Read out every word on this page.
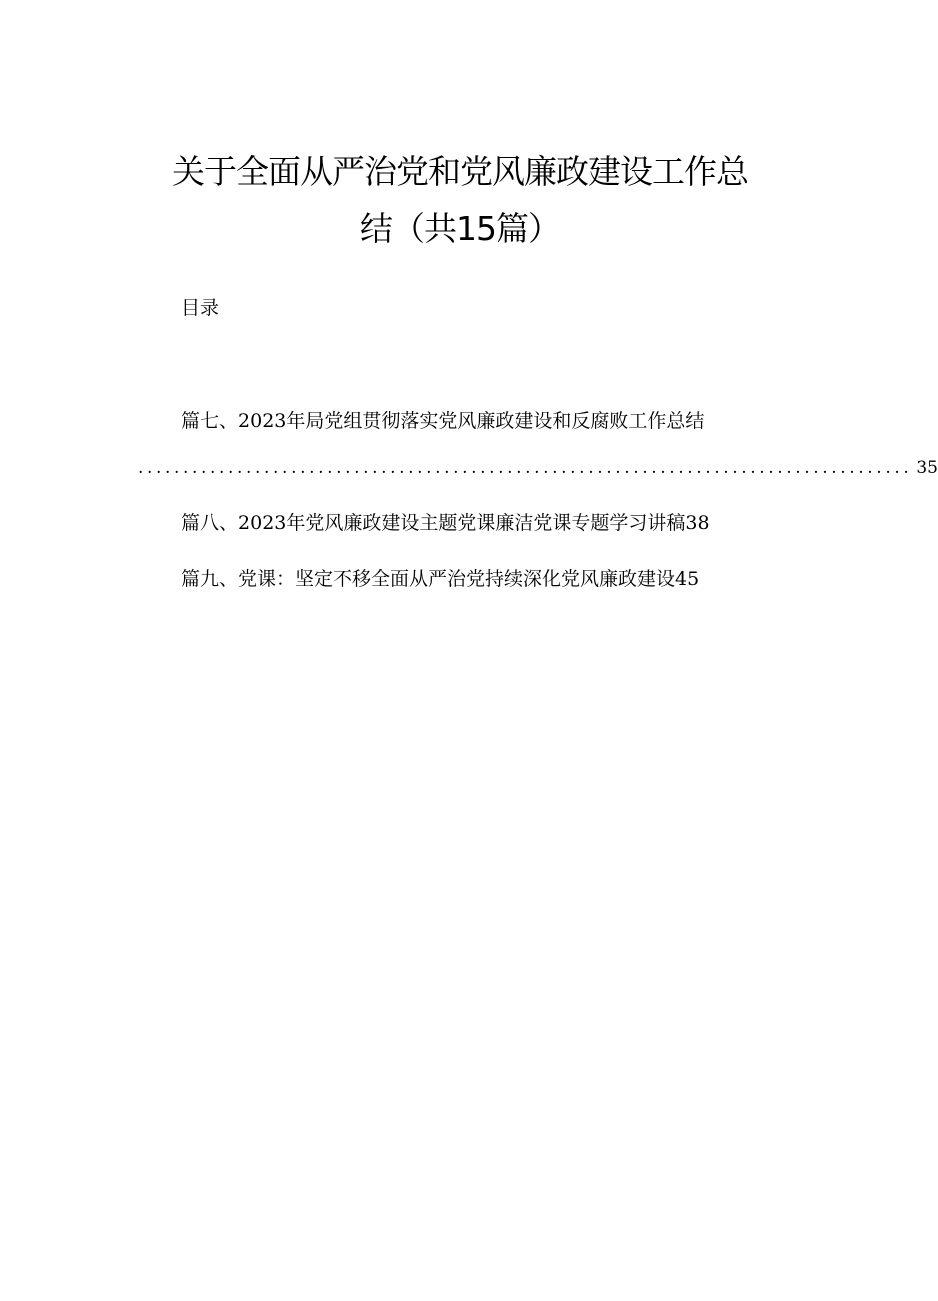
关于全面从严治党和党风廉政建设工作总
结（共15篇）
目录
篇七、2023年局党组贯彻落实党风廉政建设和反腐败工作总结
...................................................................................... 35
篇八、2023年党风廉政建设主题党课廉洁党课专题学习讲稿38
篇九、党课：坚定不移全面从严治党持续深化党风廉政建设45
